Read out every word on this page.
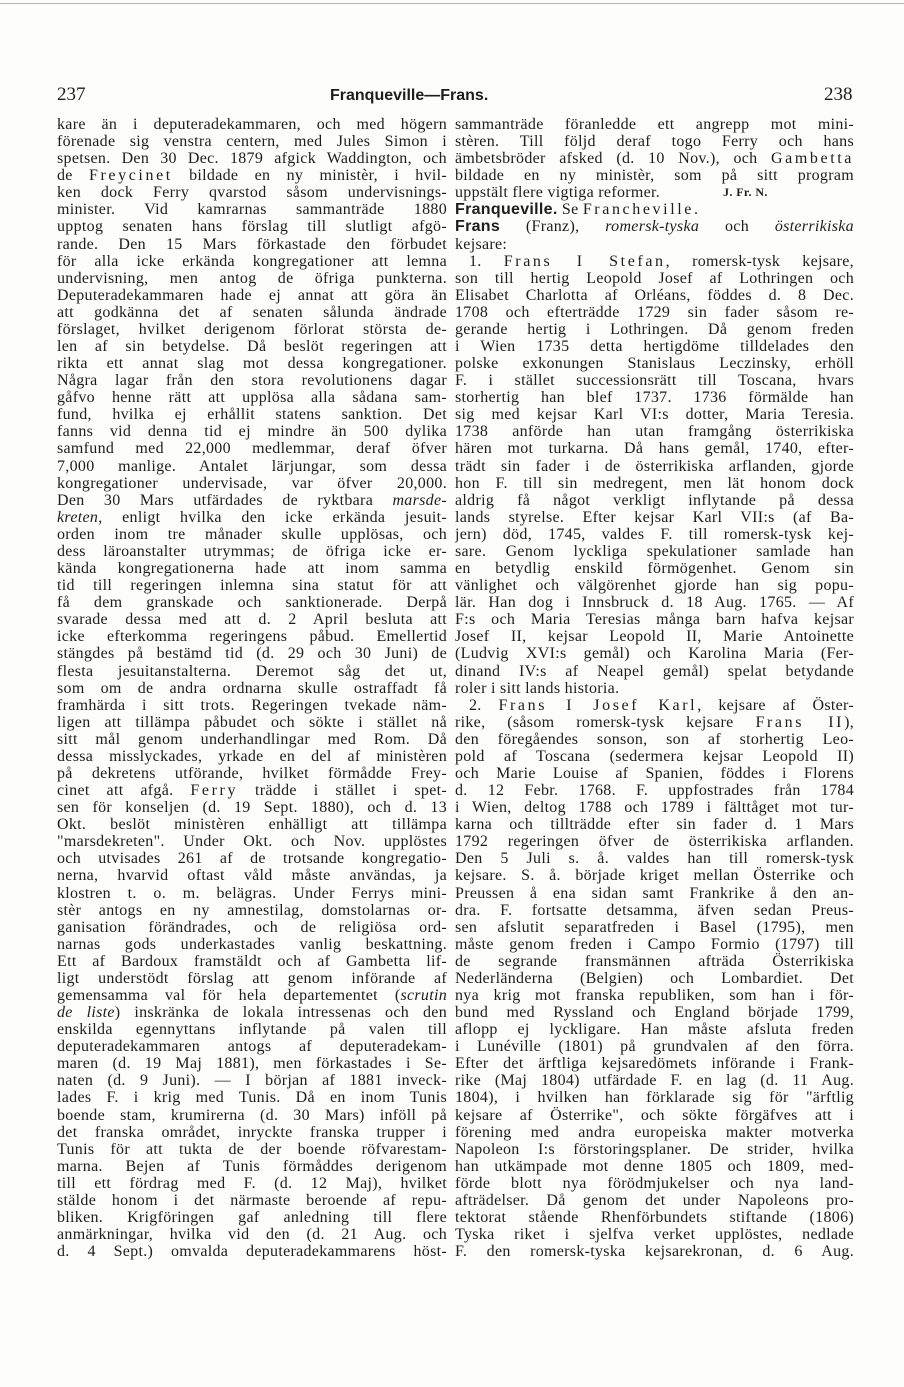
237	Franqueville—Frans.	238
kare än i deputeradekammaren, och med högern
förenade sig venstra centern, med Jules Simon i
spetsen. Den 30 Dec. 1879 afgick Waddington, och
de Freycinet bildade en ny ministèr, i hvil-
ken dock Ferry qvarstod såsom undervisnings-
minister. Vid kamrarnas sammanträde 1880
upptog senaten hans förslag till slutligt afgö-
rande. Den 15 Mars förkastade den förbudet
för alla icke erkända kongregationer att lemna
undervisning, men antog de öfriga punkterna.
Deputeradekammaren hade ej annat att göra än
att godkänna det af senaten sålunda ändrade
förslaget, hvilket derigenom förlorat största de-
len af sin betydelse. Då beslöt regeringen att
rikta ett annat slag mot dessa kongregationer.
Några lagar från den stora revolutionens dagar
gåfvo henne rätt att upplösa alla sådana sam-
fund, hvilka ej erhållit statens sanktion. Det
fanns vid denna tid ej mindre än 500 dylika
samfund med 22,000 medlemmar, deraf öfver
7,000 manlige. Antalet lärjungar, som dessa
kongregationer undervisade, var öfver 20,000.
Den 30 Mars utfärdades de ryktbara marsde-
kreten, enligt hvilka den icke erkända jesuit-
orden inom tre månader skulle upplösas, och
dess läroanstalter utrymmas; de öfriga icke er-
kända kongregationerna hade att inom samma
tid till regeringen inlemna sina statut för att
få dem granskade och sanktionerade. Derpå
svarade dessa med att d. 2 April besluta att
icke efterkomma regeringens påbud. Emellertid
stängdes på bestämd tid (d. 29 och 30 Juni) de
flesta jesuitanstalterna. Deremot såg det ut,
som om de andra ordnarna skulle ostraffadt få
framhärda i sitt trots. Regeringen tvekade näm-
ligen att tillämpa påbudet och sökte i stället nå
sitt mål genom underhandlingar med Rom. Då
dessa misslyckades, yrkade en del af ministèren
på dekretens utförande, hvilket förmådde Frey-
cinet att afgå. Ferry trädde i stället i spet-
sen för konseljen (d. 19 Sept. 1880), och d. 13
Okt. beslöt ministèren enhälligt att tillämpa
"marsdekreten". Under Okt. och Nov. upplöstes
och utvisades 261 af de trotsande kongregatio-
nerna, hvarvid oftast våld måste användas, ja
klostren t. o. m. belägras. Under Ferrys mini-
stèr antogs en ny amnestilag, domstolarnas or-
ganisation förändrades, och de religiösa ord-
narnas gods underkastades vanlig beskattning.
Ett af Bardoux framstäldt och af Gambetta lif-
ligt understödt förslag att genom införande af
gemensamma val för hela departementet (scrutin
de liste) inskränka de lokala intressenas och den
enskilda egennyttans inflytande på valen till
deputeradekammaren antogs af deputeradekam-
maren (d. 19 Maj 1881), men förkastades i Se-
naten (d. 9 Juni). — I början af 1881 inveck-
lades F. i krig med Tunis. Då en inom Tunis
boende stam, krumirerna (d. 30 Mars) inföll på
det franska området, inryckte franska trupper i
Tunis för att tukta de der boende röfvarestam-
marna. Bejen af Tunis förmåddes derigenom
till ett fördrag med F. (d. 12 Maj), hvilket
stälde honom i det närmaste beroende af repu-
bliken. Krigföringen gaf anledning till flere
anmärkningar, hvilka vid den (d. 21 Aug. och
d. 4 Sept.) omvalda deputeradekammarens höst-
sammanträde föranledde ett angrepp mot mini-
stèren. Till följd deraf togo Ferry och hans
ämbetsbröder afsked (d. 10 Nov.), och Gambetta
bildade en ny ministèr, som på sitt program
uppstält flere vigtiga reformer.	J. Fr. N.
Franqueville. Se Francheville.
Frans (Franz), romersk-tyska och österrikiska
kejsare:
1. Frans I Stefan, romersk-tysk kejsare,
son till hertig Leopold Josef af Lothringen och
Elisabet Charlotta af Orléans, föddes d. 8 Dec.
1708 och efterträdde 1729 sin fader såsom re-
gerande hertig i Lothringen. Då genom freden
i Wien 1735 detta hertigdöme tilldelades den
polske exkonungen Stanislaus Leczinsky, erhöll
F. i stället successionsrätt till Toscana, hvars
storhertig han blef 1737. 1736 förmälde han
sig med kejsar Karl VI:s dotter, Maria Teresia.
1738 anförde han utan framgång österrikiska
hären mot turkarna. Då hans gemål, 1740, efter-
trädt sin fader i de österrikiska arflanden, gjorde
hon F. till sin medregent, men lät honom dock
aldrig få något verkligt inflytande på dessa
lands styrelse. Efter kejsar Karl VII:s (af Ba-
jern) död, 1745, valdes F. till romersk-tysk kej-
sare. Genom lyckliga spekulationer samlade han
en betydlig enskild förmögenhet. Genom sin
vänlighet och välgörenhet gjorde han sig popu-
lär. Han dog i Innsbruck d. 18 Aug. 1765. — Af
F:s och Maria Teresias många barn hafva kejsar
Josef II, kejsar Leopold II, Marie Antoinette
(Ludvig XVI:s gemål) och Karolina Maria (Fer-
dinand IV:s af Neapel gemål) spelat betydande
roler i sitt lands historia.
2. Frans I Josef Karl, kejsare af Öster-
rike, (såsom romersk-tysk kejsare Frans II),
den föregåendes sonson, son af storhertig Leo-
pold af Toscana (sedermera kejsar Leopold II)
och Marie Louise af Spanien, föddes i Florens
d. 12 Febr. 1768. F. uppfostrades från 1784
i Wien, deltog 1788 och 1789 i fälttåget mot tur-
karna och tillträdde efter sin fader d. 1 Mars
1792 regeringen öfver de österrikiska arflanden.
Den 5 Juli s. å. valdes han till romersk-tysk
kejsare. S. å. började kriget mellan Österrike och
Preussen å ena sidan samt Frankrike å den an-
dra. F. fortsatte detsamma, äfven sedan Preus-
sen afslutit separatfreden i Basel (1795), men
måste genom freden i Campo Formio (1797) till
de segrande fransmännen afträda Österrikiska
Nederländerna (Belgien) och Lombardiet. Det
nya krig mot franska republiken, som han i för-
bund med Ryssland och England började 1799,
aflopp ej lyckligare. Han måste afsluta freden
i Lunéville (1801) på grundvalen af den förra.
Efter det ärftliga kejsaredömets införande i Frank-
rike (Maj 1804) utfärdade F. en lag (d. 11 Aug.
1804), i hvilken han förklarade sig för "ärftlig
kejsare af Österrike", och sökte förgäfves att i
förening med andra europeiska makter motverka
Napoleon I:s förstoringsplaner. De strider, hvilka
han utkämpade mot denne 1805 och 1809, med-
förde blott nya förödmjukelser och nya land-
afträdelser. Då genom det under Napoleons pro-
tektorat stående Rhenförbundets stiftande (1806)
Tyska riket i sjelfva verket upplöstes, nedlade
F. den romersk-tyska kejsarekronan, d. 6 Aug.
